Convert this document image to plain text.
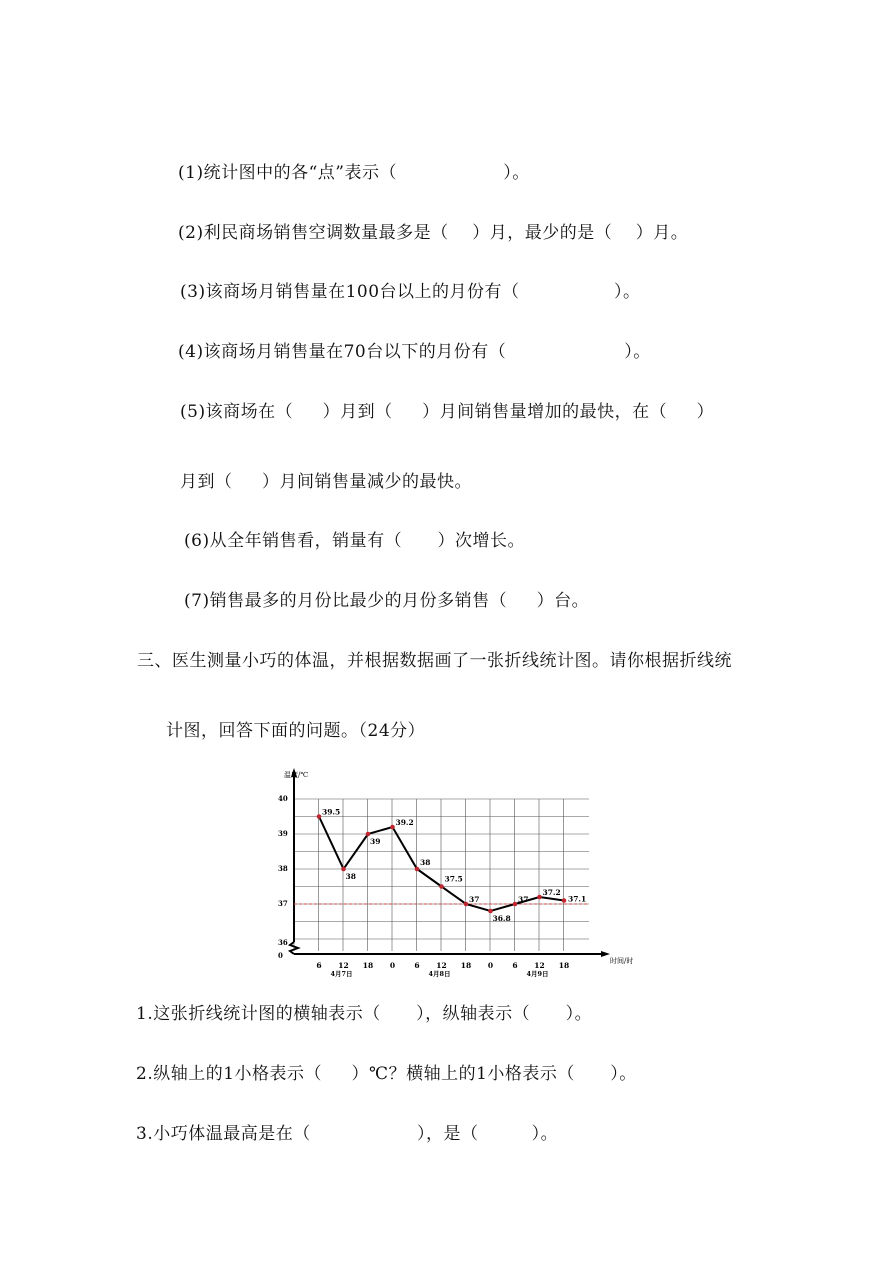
(1)统计图中的各“点”表示（                  ）。
(2)利民商场销售空调数量最多是（    ）月，最少的是（    ）月。
(3)该商场月销售量在100台以上的月份有（                ）。
(4)该商场月销售量在70台以下的月份有（                    ）。
(5)该商场在（     ）月到（     ）月间销售量增加的最快，在（     ）
月到（     ）月间销售量减少的最快。
(6)从全年销售看，销量有（      ）次增长。
(7)销售最多的月份比最少的月份多销售（     ）台。
三、医生测量小巧的体温，并根据数据画了一张折线统计图。请你根据折线统
计图，回答下面的问题。（24分）
温度/℃
时间/时
40
39
38
37
36
0
6 12 18 0	6 12 18 0	6 12 18
4月7日	4月8日	4月9日
39.5
38
39
39.2
38
37.5
37
36.8
37
37.2
37.1
1.这张折线统计图的横轴表示（      ），纵轴表示（      ）。
2.纵轴上的1小格表示（     ）℃？横轴上的1小格表示（      ）。
3.小巧体温最高是在（                  ），是（         ）。
